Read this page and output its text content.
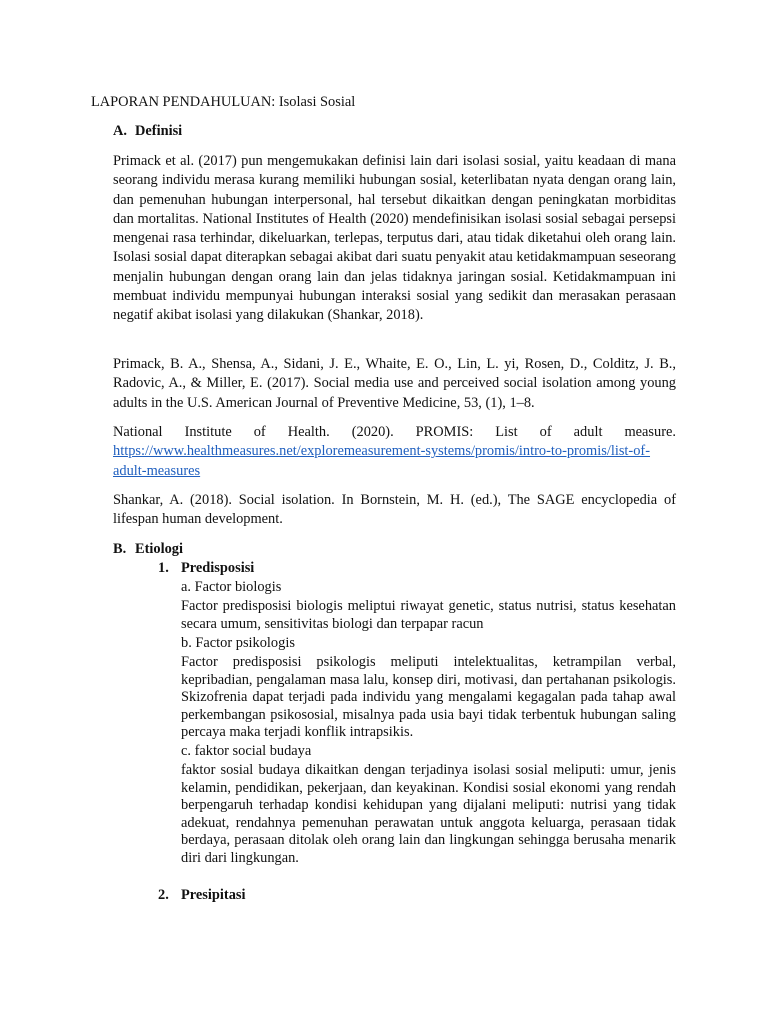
LAPORAN PENDAHULUAN: Isolasi Sosial
A. Definisi
Primack et al. (2017) pun mengemukakan definisi lain dari isolasi sosial, yaitu keadaan di mana seorang individu merasa kurang memiliki hubungan sosial, keterlibatan nyata dengan orang lain, dan pemenuhan hubungan interpersonal, hal tersebut dikaitkan dengan peningkatan morbiditas dan mortalitas. National Institutes of Health (2020) mendefinisikan isolasi sosial sebagai persepsi mengenai rasa terhindar, dikeluarkan, terlepas, terputus dari, atau tidak diketahui oleh orang lain. Isolasi sosial dapat diterapkan sebagai akibat dari suatu penyakit atau ketidakmampuan seseorang menjalin hubungan dengan orang lain dan jelas tidaknya jaringan sosial. Ketidakmampuan ini membuat individu mempunyai hubungan interaksi sosial yang sedikit dan merasakan perasaan negatif akibat isolasi yang dilakukan (Shankar, 2018).
Primack, B. A., Shensa, A., Sidani, J. E., Whaite, E. O., Lin, L. yi, Rosen, D., Colditz, J. B., Radovic, A., & Miller, E. (2017). Social media use and perceived social isolation among young adults in the U.S. American Journal of Preventive Medicine, 53, (1), 1–8.
National Institute of Health. (2020). PROMIS: List of adult measure. https://www.healthmeasures.net/exploremeasurement-systems/promis/intro-to-promis/list-of-adult-measures
Shankar, A. (2018). Social isolation. In Bornstein, M. H. (ed.), The SAGE encyclopedia of lifespan human development.
B. Etiologi
1. Predisposisi
a. Factor biologis
Factor predisposisi biologis meliptui riwayat genetic, status nutrisi, status kesehatan secara umum, sensitivitas biologi dan terpapar racun
b. Factor psikologis
Factor predisposisi psikologis meliputi intelektualitas, ketrampilan verbal, kepribadian, pengalaman masa lalu, konsep diri, motivasi, dan pertahanan psikologis. Skizofrenia dapat terjadi pada individu yang mengalami kegagalan pada tahap awal perkembangan psikososial, misalnya pada usia bayi tidak terbentuk hubungan saling percaya maka terjadi konflik intrapsikis.
c. faktor social budaya
faktor sosial budaya dikaitkan dengan terjadinya isolasi sosial meliputi: umur, jenis kelamin, pendidikan, pekerjaan, dan keyakinan. Kondisi sosial ekonomi yang rendah berpengaruh terhadap kondisi kehidupan yang dijalani meliputi: nutrisi yang tidak adekuat, rendahnya pemenuhan perawatan untuk anggota keluarga, perasaan tidak berdaya, perasaan ditolak oleh orang lain dan lingkungan sehingga berusaha menarik diri dari lingkungan.
2. Presipitasi
